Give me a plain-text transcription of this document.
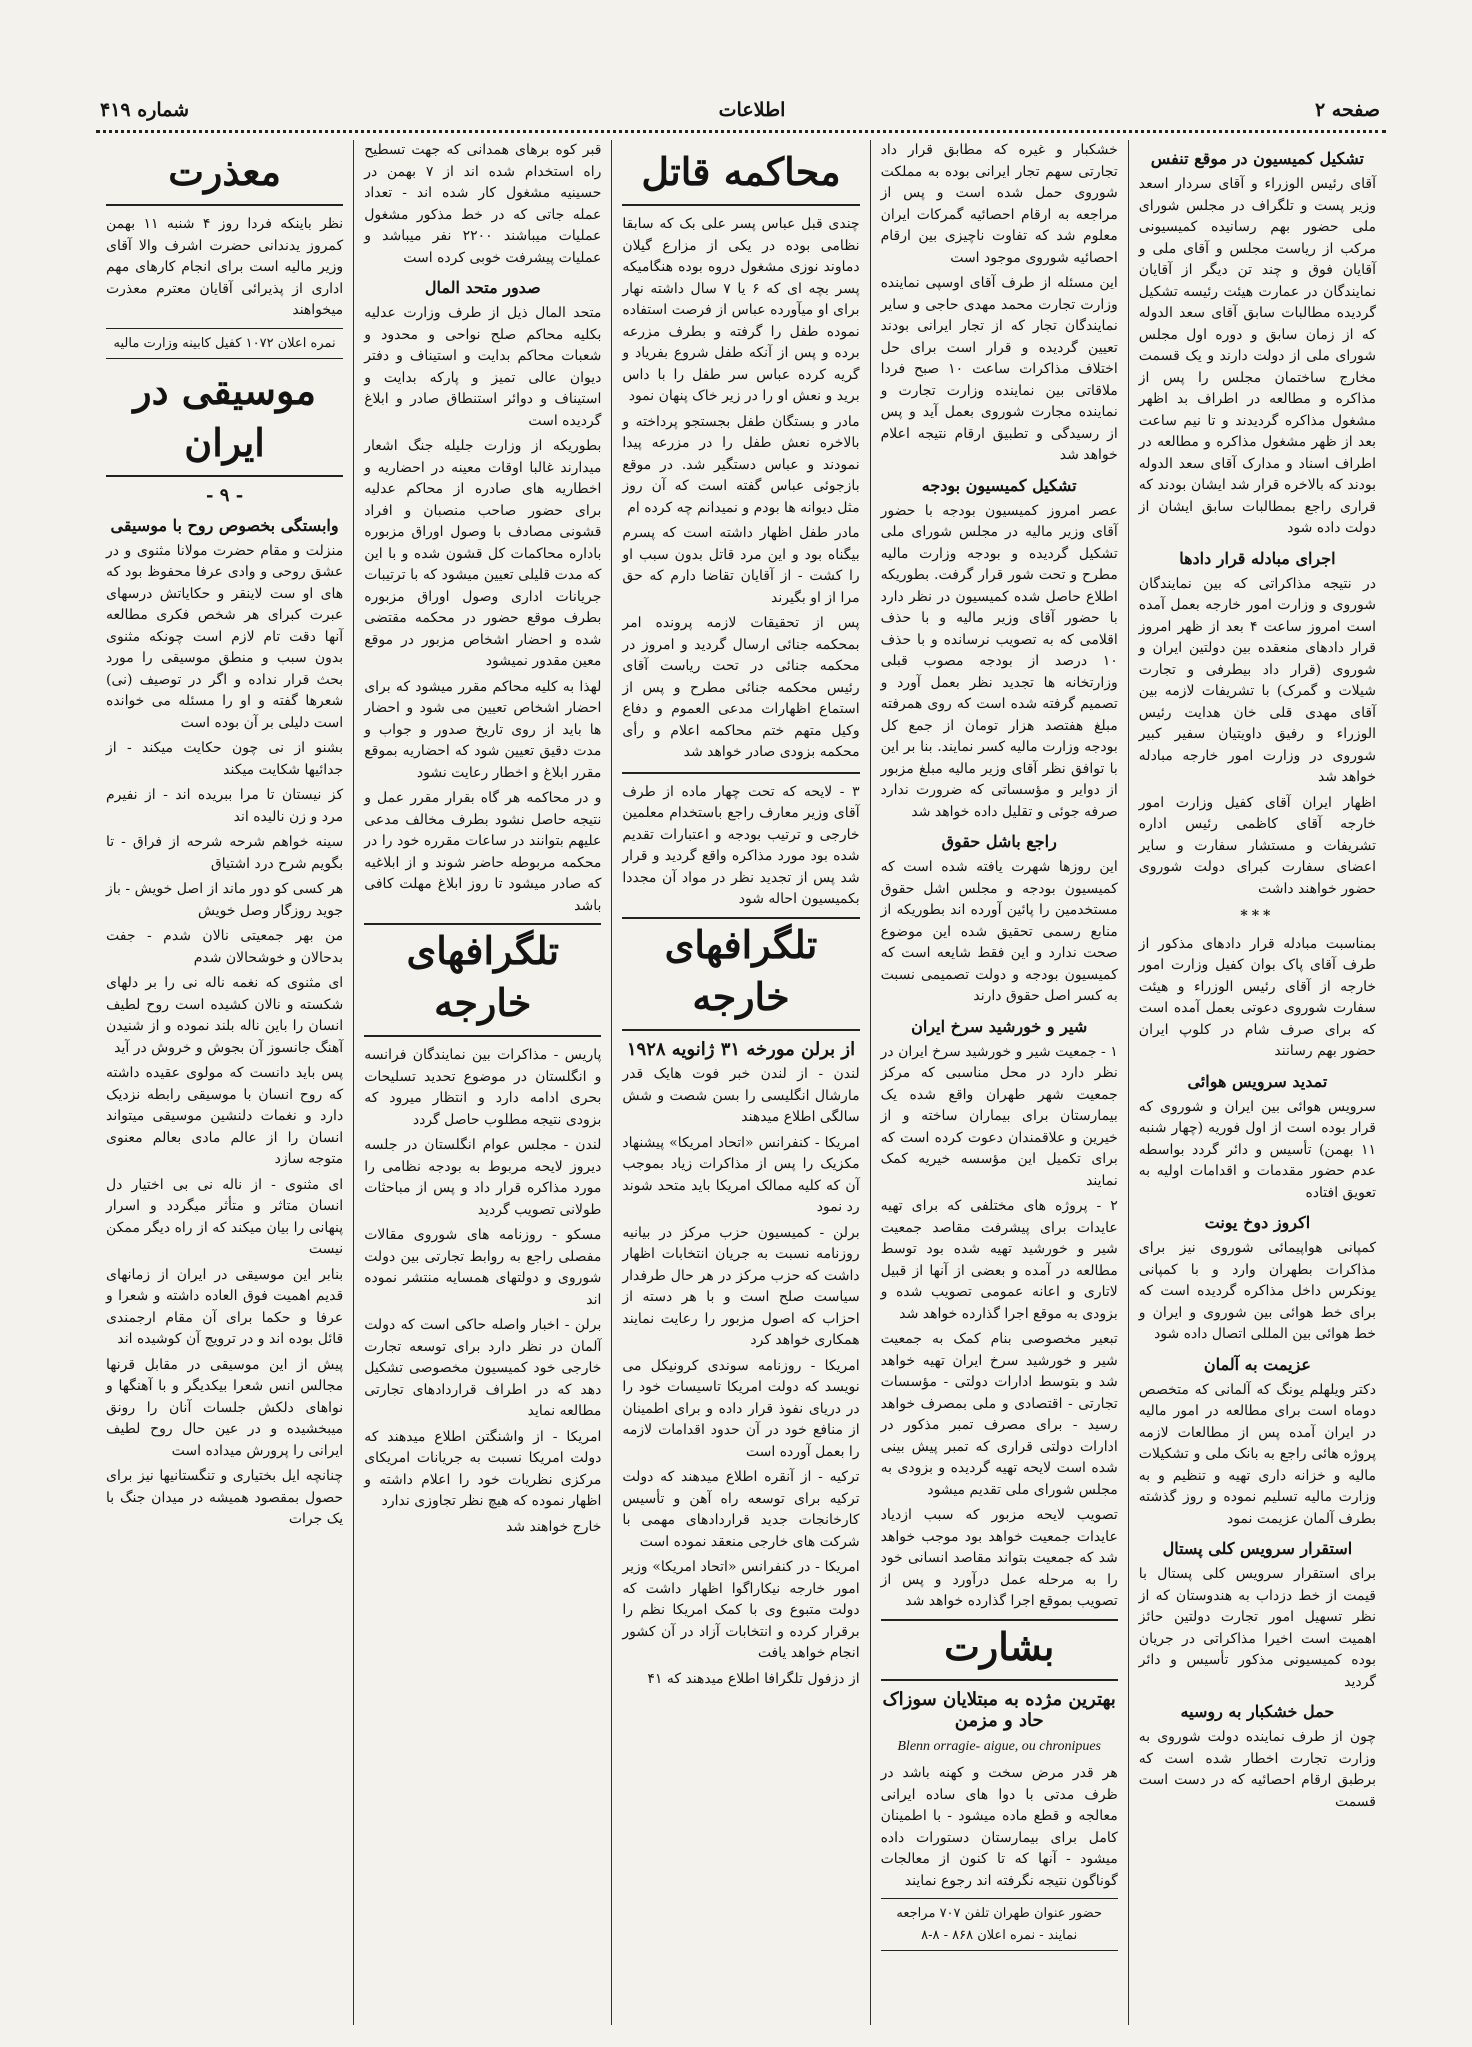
صفحه ۲
اطلاعات
شماره ۴۱۹
تشکیل کمیسیون در موقع تنفس

آقای رئیس الوزراء و آقای سردار اسعد وزیر پست و تلگراف در مجلس شورای ملی حضور بهم رسانیده کمیسیونی مرکب از ریاست مجلس و آقای ملی و آقایان فوق و چند تن دیگر از آقایان نمایندگان در عمارت هیئت رئیسه تشکیل گردیده مطالبات سابق آقای سعد الدوله که از زمان سابق و دوره اول مجلس شورای ملی از دولت دارند و یک قسمت مخارج ساختمان مجلس را پس از مذاکره و مطالعه در اطراف بد اظهر مشغول مذاکره گردیدند و تا نیم ساعت بعد از ظهر مشغول مذاکره و مطالعه در اطراف اسناد و مدارک آقای سعد الدوله بودند که بالاخره قرار شد ایشان بودند که قراری راجع بمطالبات سابق ایشان از دولت داده شود

اجرای مبادله قرار دادها

در نتیجه مذاکراتی که بین نمایندگان شوروی و وزارت امور خارجه بعمل آمده است امروز ساعت ۴ بعد از ظهر امروز قرار دادهای منعقده بین دولتین ایران و شوروی (قرار داد بیطرفی و تجارت شیلات و گمرک) با تشریفات لازمه بین آقای مهدی قلی خان هدایت رئیس الوزراء و رفیق داویتیان سفیر کبیر شوروی در وزارت امور خارجه مبادله خواهد شد

اظهار ایران آقای کفیل وزارت امور خارجه آقای کاظمی رئیس اداره تشریفات و مستشار سفارت و سایر اعضای سفارت کبرای دولت شوروی حضور خواهند داشت

***

بمناسبت مبادله قرار دادهای مذکور از طرف آقای پاک بوان کفیل وزارت امور خارجه از آقای رئیس الوزراء و هیئت سفارت شوروی دعوتی بعمل آمده است که برای صرف شام در کلوپ ایران حضور بهم رسانند

تمدید سرویس هوائی

سرویس هوائی بین ایران و شوروی که قرار بوده است از اول فوریه (چهار شنبه ۱۱ بهمن) تأسیس و دائر گردد بواسطه عدم حضور مقدمات و اقدامات اولیه به تعویق افتاده

اکروز دوخ یونت

کمپانی هواپیمائی شوروی نیز برای مذاکرات بطهران وارد و با کمپانی یونکرس داخل مذاکره گردیده است که برای خط هوائی بین شوروی و ایران و خط هوائی بین المللی اتصال داده شود

عزیمت به آلمان

دکتر ویلهلم یونگ که آلمانی که متخصص دوماه است برای مطالعه در امور مالیه در ایران آمده پس از مطالعات لازمه پروژه هائی راجع به بانک ملی و تشکیلات مالیه و خزانه داری تهیه و تنظیم و به وزارت مالیه تسلیم نموده و روز گذشته بطرف آلمان عزیمت نمود

استقرار سرویس کلی پستال

برای استقرار سرویس کلی پستال با قیمت از خط دزداب به هندوستان که از نظر تسهیل امور تجارت دولتین حائز اهمیت است اخیرا مذاکراتی در جریان بوده کمیسیونی مذکور تأسیس و دائر گردید

حمل خشکبار به روسیه

چون از طرف نماینده دولت شوروی به وزارت تجارت اخطار شده است که برطبق ارقام احصائیه که در دست است قسمت

خشکبار و غیره که مطابق قرار داد تجارتی سهم تجار ایرانی بوده به مملکت شوروی حمل شده است و پس از مراجعه به ارقام احصائیه گمرکات ایران معلوم شد که تفاوت ناچیزی بین ارقام احصائیه شوروی موجود است

این مسئله از طرف آقای اوسپی نماینده وزارت تجارت محمد مهدی حاجی و سایر نمایندگان تجار که از تجار ایرانی بودند تعیین گردیده و قرار است برای حل اختلاف مذاکرات ساعت ۱۰ صبح فردا ملاقاتی بین نماینده وزارت تجارت و نماینده مجارت شوروی بعمل آید و پس از رسیدگی و تطبیق ارقام نتیجه اعلام خواهد شد

تشکیل کمیسیون بودجه

عصر امروز کمیسیون بودجه با حضور آقای وزیر مالیه در مجلس شورای ملی تشکیل گردیده و بودجه وزارت مالیه مطرح و تحت شور قرار گرفت. بطوریکه اطلاع حاصل شده کمیسیون در نظر دارد با حضور آقای وزیر مالیه و با حذف اقلامی که به تصویب نرسانده و با حذف ۱۰ درصد از بودجه مصوب قبلی وزارتخانه ها تجدید نظر بعمل آورد و تصمیم گرفته شده است که روی همرفته مبلغ هفتصد هزار تومان از جمع کل بودجه وزارت مالیه کسر نمایند. بنا بر این با توافق نظر آقای وزیر مالیه مبلغ مزبور از دوایر و مؤسساتی که ضرورت ندارد صرفه جوئی و تقلیل داده خواهد شد

راجع باشل حقوق

این روزها شهرت یافته شده است که کمیسیون بودجه و مجلس اشل حقوق مستخدمین را پائین آورده اند بطوریکه از منابع رسمی تحقیق شده این موضوع صحت ندارد و این فقط شایعه است که کمیسیون بودجه و دولت تصمیمی نسبت به کسر اصل حقوق دارند

شیر و خورشید سرخ ایران

۱ - جمعیت شیر و خورشید سرخ ایران در نظر دارد در محل مناسبی که مرکز جمعیت شهر طهران واقع شده یک بیمارستان برای بیماران ساخته و از خیرین و علاقمندان دعوت کرده است که برای تکمیل این مؤسسه خیریه کمک نمایند

۲ - پروژه های مختلفی که برای تهیه عایدات برای پیشرفت مقاصد جمعیت شیر و خورشید تهیه شده بود توسط مطالعه در آمده و بعضی از آنها از قبیل لاتاری و اعانه عمومی تصویب شده و بزودی به موقع اجرا گذارده خواهد شد

تبعیر مخصوصی بنام کمک به جمعیت شیر و خورشید سرخ ایران تهیه خواهد شد و بتوسط ادارات دولتی - مؤسسات تجارتی - اقتصادی و ملی بمصرف خواهد رسید - برای مصرف تمبر مذکور در ادارات دولتی قراری که تمبر پیش بینی شده است لایحه تهیه گردیده و بزودی به مجلس شورای ملی تقدیم میشود

تصویب لایحه مزبور که سبب ازدیاد عایدات جمعیت خواهد بود موجب خواهد شد که جمعیت بتواند مقاصد انسانی خود را به مرحله عمل درآورد و پس از تصویب بموقع اجرا گذارده خواهد شد

بشارت
بهترین مژده به مبتلایان سوزاک حاد و مزمن
Blenn orragie- aigue, ou chronipues

هر قدر مرض سخت و کهنه باشد در ظرف مدتی با دوا های ساده ایرانی معالجه و قطع ماده میشود - با اطمینان کامل برای بیمارستان دستورات داده میشود - آنها که تا کنون از معالجات گوناگون نتیجه نگرفته اند رجوع نمایند

حضور عنوان طهران تلفن ۷۰۷ مراجعه نمایند - نمره اعلان ۸۶۸ - ۸-۸
محاکمه قاتل

چندی قبل عباس پسر علی بک که سابقا نظامی بوده در یکی از مزارع گیلان دماوند نوزی مشغول دروه بوده هنگامیکه پسر بچه ای که ۶ یا ۷ سال داشته نهار برای او میآورده عباس از فرصت استفاده نموده طفل را گرفته و بطرف مزرعه برده و پس از آنکه طفل شروع بفریاد و گریه کرده عباس سر طفل را با داس برید و نعش او را در زیر خاک پنهان نمود

مادر و بستگان طفل بجستجو پرداخته و بالاخره نعش طفل را در مزرعه پیدا نمودند و عباس دستگیر شد. در موقع بازجوئی عباس گفته است که آن روز مثل دیوانه ها بودم و نمیدانم چه کرده ام

مادر طفل اظهار داشته است که پسرم بیگناه بود و این مرد قاتل بدون سبب او را کشت - از آقایان تقاضا دارم که حق مرا از او بگیرند

پس از تحقیقات لازمه پرونده امر بمحکمه جنائی ارسال گردید و امروز در محکمه جنائی در تحت ریاست آقای رئیس محکمه جنائی مطرح و پس از استماع اظهارات مدعی العموم و دفاع وکیل متهم ختم محاکمه اعلام و رأی محکمه بزودی صادر خواهد شد

۳ - لایحه که تحت چهار ماده از طرف آقای وزیر معارف راجع باستخدام معلمین خارجی و ترتیب بودجه و اعتبارات تقدیم شده بود مورد مذاکره واقع گردید و قرار شد پس از تجدید نظر در مواد آن مجددا بکمیسیون احاله شود

تلگرافهای خارجه
از برلن مورخه ۳۱ ژانویه ۱۹۲۸

لندن - از لندن خبر فوت هایک قدر مارشال انگلیسی را بسن شصت و شش سالگی اطلاع میدهند

امریکا - کنفرانس «اتحاد امریکا» پیشنهاد مکزیک را پس از مذاکرات زیاد بموجب آن که کلیه ممالک امریکا باید متحد شوند رد نمود

برلن - کمیسیون حزب مرکز در بیانیه روزنامه نسبت به جریان انتخابات اظهار داشت که حزب مرکز در هر حال طرفدار سیاست صلح است و با هر دسته از احزاب که اصول مزبور را رعایت نمایند همکاری خواهد کرد

امریکا - روزنامه سوندی کرونیکل می نویسد که دولت امریکا تاسیسات خود را در دریای نفوذ قرار داده و برای اطمینان از منافع خود در آن حدود اقدامات لازمه را بعمل آورده است

ترکیه - از آنقره اطلاع میدهند که دولت ترکیه برای توسعه راه آهن و تأسیس کارخانجات جدید قراردادهای مهمی با شرکت های خارجی منعقد نموده است

امریکا - در کنفرانس «اتحاد امریکا» وزیر امور خارجه نیکاراگوا اظهار داشت که دولت متبوع وی با کمک امریکا نظم را برقرار کرده و انتخابات آزاد در آن کشور انجام خواهد یافت

از دزفول تلگرافا اطلاع میدهند که ۴۱

قبر کوه برهای همدانی که جهت تسطیح راه استخدام شده اند از ۷ بهمن در حسینیه مشغول کار شده اند - تعداد عمله جاتی که در خط مذکور مشغول عملیات میباشند ۲۲۰۰ نفر میباشد و عملیات پیشرفت خوبی کرده است

صدور متحد المال

متحد المال ذیل از طرف وزارت عدلیه بکلیه محاکم صلح نواحی و محدود و شعبات محاکم بدایت و استیناف و دفتر دیوان عالی تمیز و پارکه بدایت و استیناف و دوائر استنطاق صادر و ابلاغ گردیده است

بطوریکه از وزارت جلیله جنگ اشعار میدارند غالبا اوقات معینه در احضاریه و اخطاریه های صادره از محاکم عدلیه برای حضور صاحب منصبان و افراد قشونی مصادف با وصول اوراق مزبوره باداره محاکمات کل قشون شده و با این که مدت قلیلی تعیین میشود که با ترتیبات جریانات اداری وصول اوراق مزبوره بطرف موقع حضور در محکمه مقتضی شده و احضار اشخاص مزبور در موقع معین مقدور نمیشود

لهذا به کلیه محاکم مقرر میشود که برای احضار اشخاص تعیین می شود و احضار ها باید از روی تاریخ صدور و جواب و مدت دقیق تعیین شود که احضاریه بموقع مقرر ابلاغ و اخطار رعایت نشود

و در محاکمه هر گاه بقرار مقرر عمل و نتیجه حاصل نشود بطرف مخالف مدعی علیهم بتوانند در ساعات مقرره خود را در محکمه مربوطه حاضر شوند و از ابلاغیه که صادر میشود تا روز ابلاغ مهلت کافی باشد

تلگرافهای خارجه

پاریس - مذاکرات بین نمایندگان فرانسه و انگلستان در موضوع تحدید تسلیحات بحری ادامه دارد و انتظار میرود که بزودی نتیجه مطلوب حاصل گردد

لندن - مجلس عوام انگلستان در جلسه دیروز لایحه مربوط به بودجه نظامی را مورد مذاکره قرار داد و پس از مباحثات طولانی تصویب گردید

مسکو - روزنامه های شوروی مقالات مفصلی راجع به روابط تجارتی بین دولت شوروی و دولتهای همسایه منتشر نموده اند

برلن - اخبار واصله حاکی است که دولت آلمان در نظر دارد برای توسعه تجارت خارجی خود کمیسیون مخصوصی تشکیل دهد که در اطراف قراردادهای تجارتی مطالعه نماید

امریکا - از واشنگتن اطلاع میدهند که دولت امریکا نسبت به جریانات امریکای مرکزی نظریات خود را اعلام داشته و اظهار نموده که هیچ نظر تجاوزی ندارد

خارج خواهند شد

معذرت

نظر باینکه فردا روز ۴ شنبه ۱۱ بهمن کمروز یدندانی حضرت اشرف والا آقای وزیر مالیه است برای انجام کارهای مهم اداری از پذیرائی آقایان معترم معذرت میخواهند

نمره اعلان ۱۰۷۲ کفیل کابینه وزارت مالیه
موسیقی در ایران
- ۹ -
وابستگی بخصوص روح با موسیقی

منزلت و مقام حضرت مولانا مثنوی و در عشق روحی و وادی عرفا محفوظ بود که های او ست لاینقر و حکایاتش درسهای عبرت کبرای هر شخص فکری مطالعه آنها دقت تام لازم است چونکه مثنوی بدون سبب و منطق موسیقی را مورد بحث قرار نداده و اگر در توصیف (نی) شعرها گفته و او را مسئله می خوانده است دلیلی بر آن بوده است

بشنو از نی چون حکایت میکند - از جدائیها شکایت میکند

کز نیستان تا مرا ببریده اند - از نفیرم مرد و زن نالیده اند

سینه خواهم شرحه شرحه از فراق - تا بگویم شرح درد اشتیاق

هر کسی کو دور ماند از اصل خویش - باز جوید روزگار وصل خویش

من بهر جمعیتی نالان شدم - جفت بدحالان و خوشحالان شدم

ای مثنوی که نغمه ناله نی را بر دلهای شکسته و نالان کشیده است روح لطیف انسان را باین ناله بلند نموده و از شنیدن آهنگ جانسوز آن بجوش و خروش در آید

پس باید دانست که مولوی عقیده داشته که روح انسان با موسیقی رابطه نزدیک دارد و نغمات دلنشین موسیقی میتواند انسان را از عالم مادی بعالم معنوی متوجه سازد

ای مثنوی - از ناله نی بی اختیار دل انسان متاثر و متأثر میگردد و اسرار پنهانی را بیان میکند که از راه دیگر ممکن نیست

بنابر این موسیقی در ایران از زمانهای قدیم اهمیت فوق العاده داشته و شعرا و عرفا و حکما برای آن مقام ارجمندی قائل بوده اند و در ترویج آن کوشیده اند

پیش از این موسیقی در مقابل قرنها مجالس انس شعرا بیکدیگر و با آهنگها و نواهای دلکش جلسات آنان را رونق میبخشیده و در عین حال روح لطیف ایرانی را پرورش میداده است

چنانچه ایل بختیاری و تنگستانیها نیز برای حصول بمقصود همیشه در میدان جنگ با یک جرات
